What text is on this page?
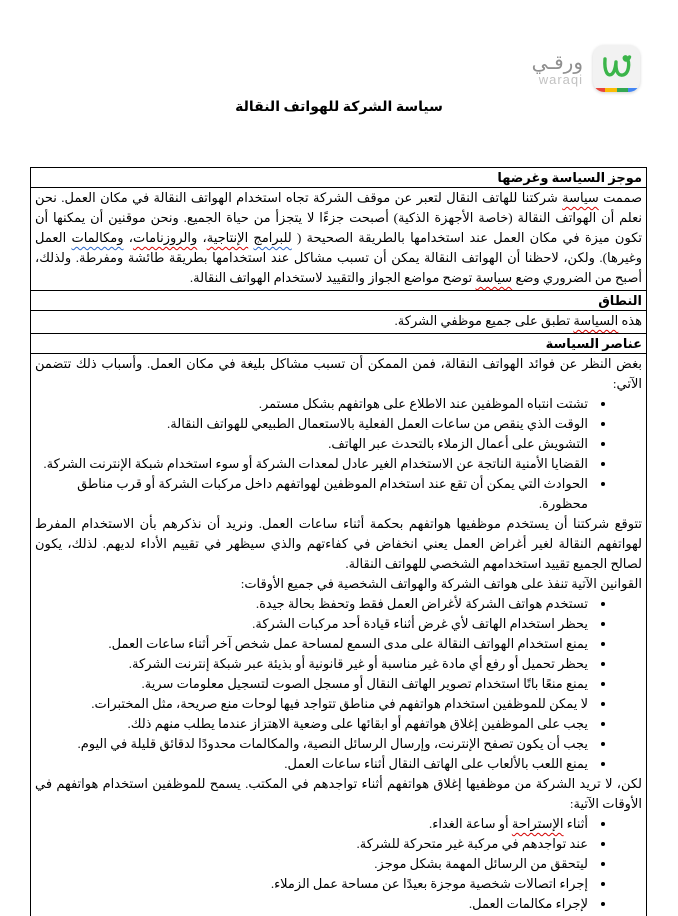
ورقـي
waraqi
سياسة الشركة للهواتف النقالة
موجز السياسة وغرضها
صممت سياسة شركتنا للهاتف النقال لتعبر عن موقف الشركة تجاه استخدام الهواتف النقالة في مكان العمل. نحن نعلم أن الهواتف النقالة (خاصة الأجهزة الذكية) أصبحت جزءًا لا يتجزأ من حياة الجميع. ونحن موقنين أن يمكنها أن تكون ميزة في مكان العمل عند استخدامها بالطريقة الصحيحة ( للبرامج الإنتاجية، والروزنامات، ومكالمات العمل وغيرها). ولكن، لاحظنا أن الهواتف النقالة يمكن أن تسبب مشاكل عند استخدامها بطريقة طائشة ومفرطة. ولذلك، أصبح من الضروري وضع سياسة توضح مواضع الجواز والتقييد لاستخدام الهواتف النقالة.
النطاق
هذه السياسة تطبق على جميع موظفي الشركة.
عناصر السياسة

بغض النظر عن فوائد الهواتف النقالة، فمن الممكن أن تسبب مشاكل بليغة في مكان العمل. وأسباب ذلك تتضمن الآتي:

• تشتت انتباه الموظفين عند الاطلاع على هواتفهم بشكل مستمر.
• الوقت الذي ينقص من ساعات العمل الفعلية بالاستعمال الطبيعي للهواتف النقالة.
• التشويش على أعمال الزملاء بالتحدث عبر الهاتف.
• القضايا الأمنية الناتجة عن الاستخدام الغير عادل لمعدات الشركة أو سوء استخدام شبكة الإنترنت الشركة.
• الحوادث التي يمكن أن تقع عند استخدام الموظفين لهواتفهم داخل مركبات الشركة أو قرب مناطق محظورة.

تتوقع شركتنا أن يستخدم موظفيها هواتفهم بحكمة أثناء ساعات العمل. ونريد أن نذكرهم بأن الاستخدام المفرط لهواتفهم النقالة لغير أغراض العمل يعني انخفاض في كفاءتهم والذي سيظهر في تقييم الأداء لديهم. لذلك، يكون لصالح الجميع تقييد استخدامهم الشخصي للهواتف النقالة.

القوانين الآتية تنفذ على هواتف الشركة والهواتف الشخصية في جميع الأوقات:

• تستخدم هواتف الشركة لأغراض العمل فقط وتحفظ بحالة جيدة.
• يحظر استخدام الهاتف لأي غرض أثناء قيادة أحد مركبات الشركة.
• يمنع استخدام الهواتف النقالة على مدى السمع لمساحة عمل شخص آخر أثناء ساعات العمل.
• يحظر تحميل أو رفع أي مادة غير مناسبة أو غير قانونية أو بذيئة عبر شبكة إنترنت الشركة.
• يمنع منعًا باتًا استخدام تصوير الهاتف النقال أو مسجل الصوت لتسجيل معلومات سرية.
• لا يمكن للموظفين استخدام هواتفهم في مناطق تتواجد فيها لوحات منع صريحة، مثل المختبرات.
• يجب على الموظفين إغلاق هواتفهم أو ابقائها على وضعية الاهتزاز عندما يطلب منهم ذلك.
• يجب أن يكون تصفح الإنترنت، وإرسال الرسائل النصية، والمكالمات محدودًا لدقائق قليلة في اليوم.
• يمنع اللعب بالألعاب على الهاتف النقال أثناء ساعات العمل.

لكن، لا تريد الشركة من موظفيها إغلاق هواتفهم أثناء تواجدهم في المكتب. يسمح للموظفين استخدام هواتفهم في الأوقات الآتية:

• أثناء الإستراحة أو ساعة الغداء.
• عند تواجدهم في مركبة غير متحركة للشركة.
• ليتحقق من الرسائل المهمة بشكل موجز.
• إجراء اتصالات شخصية موجزة بعيدًا عن مساحة عمل الزملاء.
• لإجراء مكالمات العمل.
